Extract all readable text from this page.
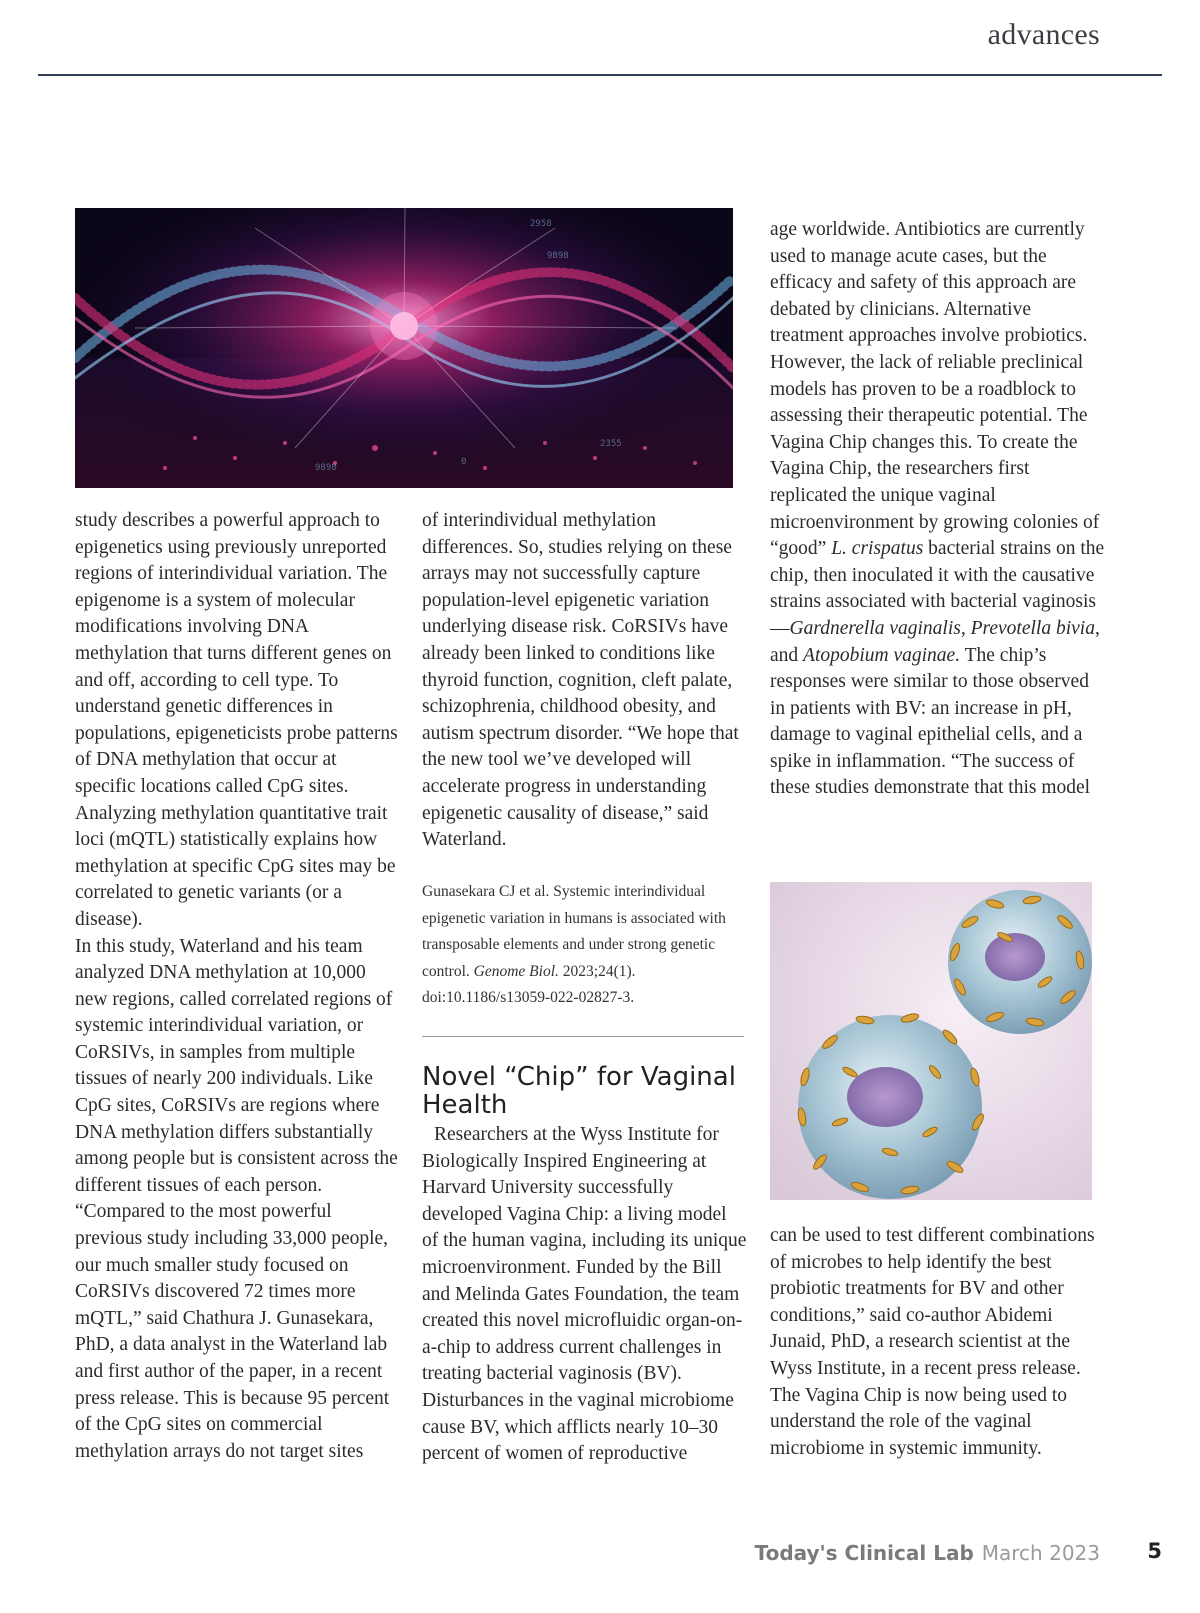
advances
2958
9898
2355
9898
0

study describes a powerful approach to epigenetics using previously unreported regions of interindividual variation. The epigenome is a system of molecular modifications involving DNA methylation that turns different genes on and off, according to cell type. To understand genetic differences in populations, epigeneticists probe patterns of DNA methylation that occur at specific locations called CpG sites. Analyzing methylation quantitative trait loci (mQTL) statistically explains how methylation at specific CpG sites may be correlated to genetic variants (or a disease).

In this study, Waterland and his team analyzed DNA methylation at 10,000 new regions, called correlated regions of systemic interindividual variation, or CoRSIVs, in samples from multiple tissues of nearly 200 individuals. Like CpG sites, CoRSIVs are regions where DNA methylation differs substantially among people but is consistent across the different tissues of each person. “Compared to the most powerful previous study including 33,000 people, our much smaller study focused on CoRSIVs discovered 72 times more mQTL,” said Chathura J. Gunasekara, PhD, a data analyst in the Waterland lab and first author of the paper, in a recent press release. This is because 95 percent of the CpG sites on commercial methylation arrays do not target sites

of interindividual methylation differences. So, studies relying on these arrays may not successfully capture population-level epigenetic variation underlying disease risk. CoRSIVs have already been linked to conditions like thyroid function, cognition, cleft palate, schizophrenia, childhood obesity, and autism spectrum disorder. “We hope that the new tool we’ve developed will accelerate progress in understanding epigenetic causality of disease,” said Waterland.

Gunasekara CJ et al. Systemic interindividual epigenetic variation in humans is associated with transposable elements and under strong genetic control. Genome Biol. 2023;24(1). doi:10.1186/s13059-022-02827-3.
Novel “Chip” for Vaginal Health

Researchers at the Wyss Institute for Biologically Inspired Engineering at Harvard University successfully developed Vagina Chip: a living model of the human vagina, including its unique microenvironment. Funded by the Bill and Melinda Gates Foundation, the team created this novel microfluidic organ-on-a-chip to address current challenges in treating bacterial vaginosis (BV). Disturbances in the vaginal microbiome cause BV, which afflicts nearly 10–30 percent of women of reproductive

age worldwide. Antibiotics are currently used to manage acute cases, but the efficacy and safety of this approach are debated by clinicians. Alternative treatment approaches involve probiotics. However, the lack of reliable preclinical models has proven to be a roadblock to assessing their therapeutic potential. The Vagina Chip changes this. To create the Vagina Chip, the researchers first replicated the unique vaginal microenvironment by growing colonies of “good” L. crispatus bacterial strains on the chip, then inoculated it with the causative strains associated with bacterial vaginosis—Gardnerella vaginalis, Prevotella bivia, and Atopobium vaginae. The chip’s responses were similar to those observed in patients with BV: an increase in pH, damage to vaginal epithelial cells, and a spike in inflammation. “The success of these studies demonstrate that this model

can be used to test different combinations of microbes to help identify the best probiotic treatments for BV and other conditions,” said co-author Abidemi Junaid, PhD, a research scientist at the Wyss Institute, in a recent press release. The Vagina Chip is now being used to understand the role of the vaginal microbiome in systemic immunity.

Today's Clinical Lab March 2023 5
